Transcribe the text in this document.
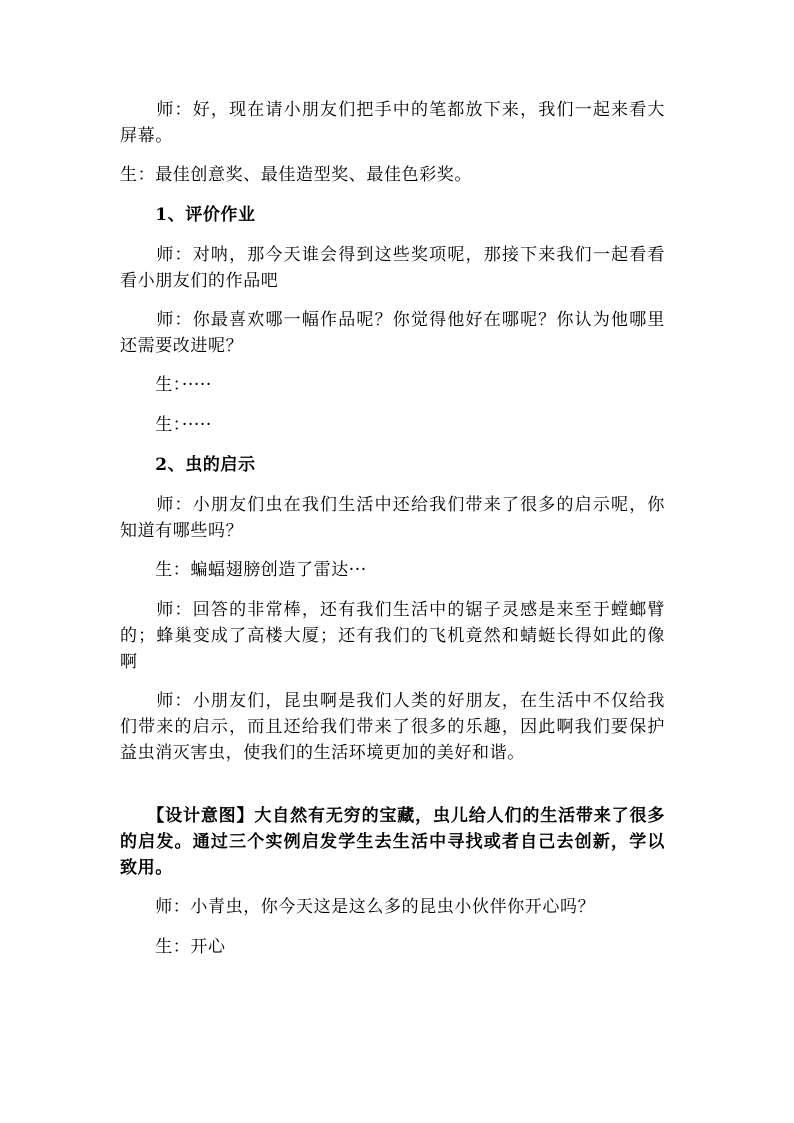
　　师：好，现在请小朋友们把手中的笔都放下来，我们一起来看大屏幕。

生：最佳创意奖、最佳造型奖、最佳色彩奖。

　　1、评价作业

　　师：对呐，那今天谁会得到这些奖项呢，那接下来我们一起看看看小朋友们的作品吧

　　师：你最喜欢哪一幅作品呢？你觉得他好在哪呢？你认为他哪里还需要改进呢？

　　生：·····

　　生：·····

　　2、虫的启示

　　师：小朋友们虫在我们生活中还给我们带来了很多的启示呢，你知道有哪些吗？

　　生：蝙蝠翅膀创造了雷达···

　　师：回答的非常棒，还有我们生活中的锯子灵感是来至于螳螂臂的；蜂巢变成了高楼大厦；还有我们的飞机竟然和蜻蜓长得如此的像啊

　　师：小朋友们，昆虫啊是我们人类的好朋友，在生活中不仅给我们带来的启示，而且还给我们带来了很多的乐趣，因此啊我们要保护益虫消灭害虫，使我们的生活环境更加的美好和谐。

　　【设计意图】大自然有无穷的宝藏，虫儿给人们的生活带来了很多的启发。通过三个实例启发学生去生活中寻找或者自己去创新，学以致用。

　　师：小青虫，你今天这是这么多的昆虫小伙伴你开心吗？

　　生：开心
